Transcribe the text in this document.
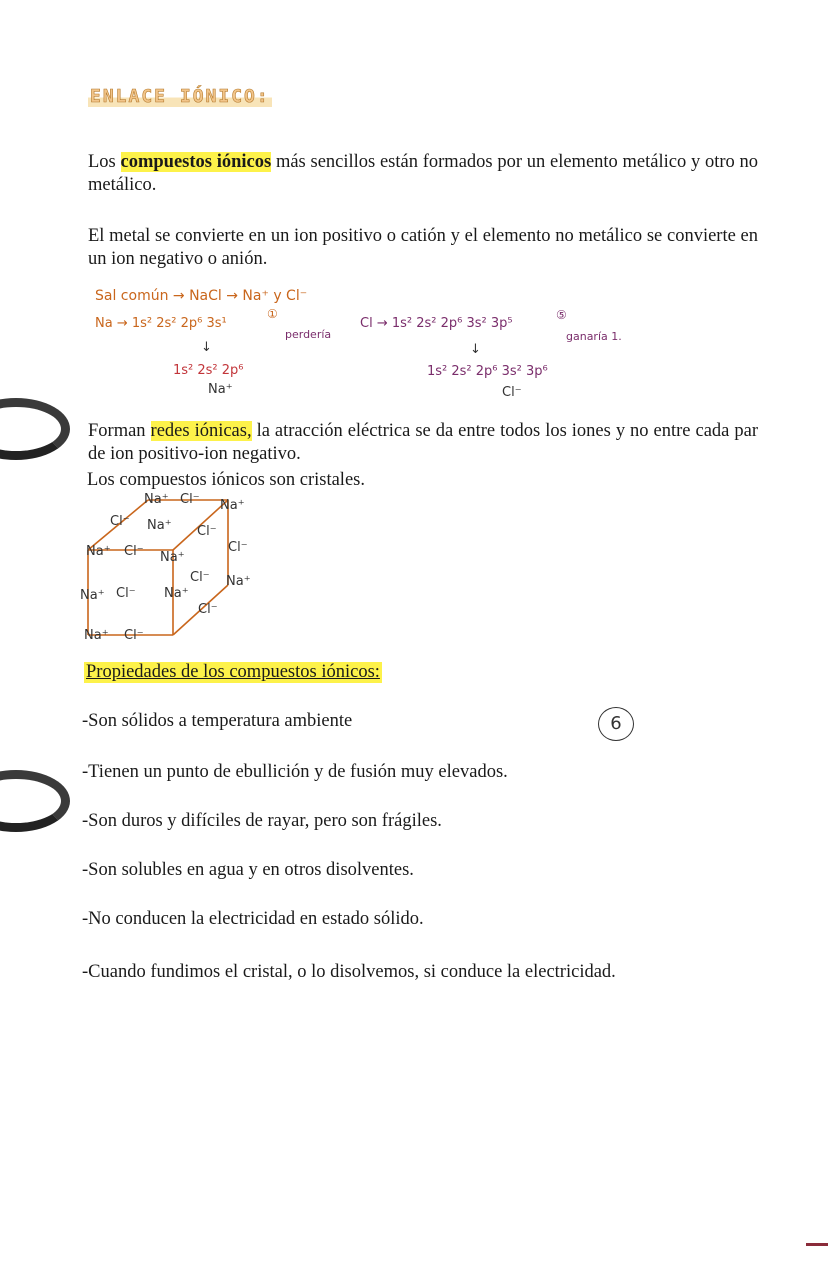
ENLACE IÓNICO:
Los compuestos iónicos más sencillos están formados por un elemento metálico y otro no metálico.
El metal se convierte en un ion positivo o catión y el elemento no metálico se convierte en un ion negativo o anión.
Sal común → NaCl → Na⁺ y Cl⁻
Na → 1s² 2s² 2p⁶ 3s¹
①
perdería
Cl → 1s² 2s² 2p⁶ 3s² 3p⁵
⑤
ganaría 1.
↓	↓
1s² 2s² 2p⁶
Na⁺
1s² 2s² 2p⁶ 3s² 3p⁶
Cl⁻
Forman redes iónicas, la atracción eléctrica se da entre todos los iones y no entre cada par de ion positivo-ion negativo.
Los compuestos iónicos son cristales.
Na⁺ Cl⁻ Na⁺
Cl⁻ Na⁺ Cl⁻
Na⁺ Cl⁻ Na⁺
Cl⁻
Na⁺ Cl⁻ Na⁺
Cl⁻ Na⁺
Cl⁻
Na⁺ Cl⁻
Propiedades de los compuestos iónicos:
6
-Son sólidos a temperatura ambiente
-Tienen un punto de ebullición y de fusión muy elevados.
-Son duros y difíciles de rayar, pero son frágiles.
-Son solubles en agua y en otros disolventes.
-No conducen la electricidad en estado sólido.
-Cuando fundimos el cristal, o lo disolvemos, si conduce la electricidad.
